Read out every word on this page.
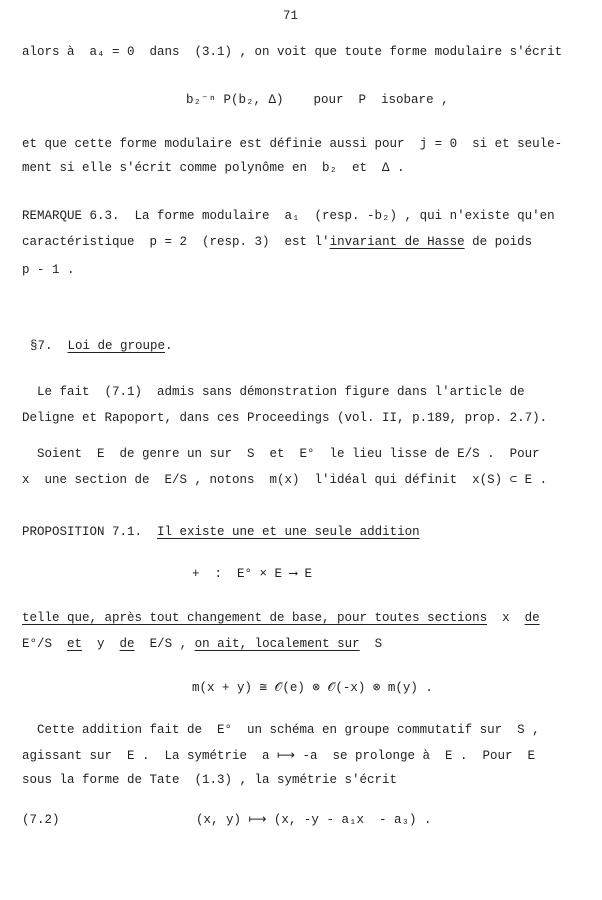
71
alors à  a₄ = 0  dans  (3.1) , on voit que toute forme modulaire s'écrit
b₂⁻ⁿ P(b₂, Δ)    pour  P  isobare ,
et que cette forme modulaire est définie aussi pour  j = 0  si et seule-
ment si elle s'écrit comme polynôme en  b₂  et  Δ .
REMARQUE 6.3.  La forme modulaire  a₁  (resp. -b₂) , qui n'existe qu'en
caractéristique  p = 2  (resp. 3)  est l'invariant de Hasse de poids
p - 1 .
§7.  Loi de groupe.
Le fait  (7.1)  admis sans démonstration figure dans l'article de
Deligne et Rapoport, dans ces Proceedings (vol. II, p.189, prop. 2.7).
Soient  E  de genre un sur  S  et  E°  le lieu lisse de E/S .  Pour
x  une section de  E/S , notons  m(x)  l'idéal qui définit  x(S) ⊂ E .
PROPOSITION 7.1.  Il existe une et une seule addition
+  :  E° × E ⟶ E
telle que, après tout changement de base, pour toutes sections  x  de
E°/S  et  y  de  E/S , on ait, localement sur  S
m(x + y) ≅ 𝒪(e) ⊗ 𝒪(-x) ⊗ m(y) .
Cette addition fait de  E°  un schéma en groupe commutatif sur  S ,
agissant sur  E .  La symétrie  a ⟼ -a  se prolonge à  E .  Pour  E
sous la forme de Tate  (1.3) , la symétrie s'écrit
(7.2)	(x, y) ⟼ (x, -y - a₁x  - a₃) .
